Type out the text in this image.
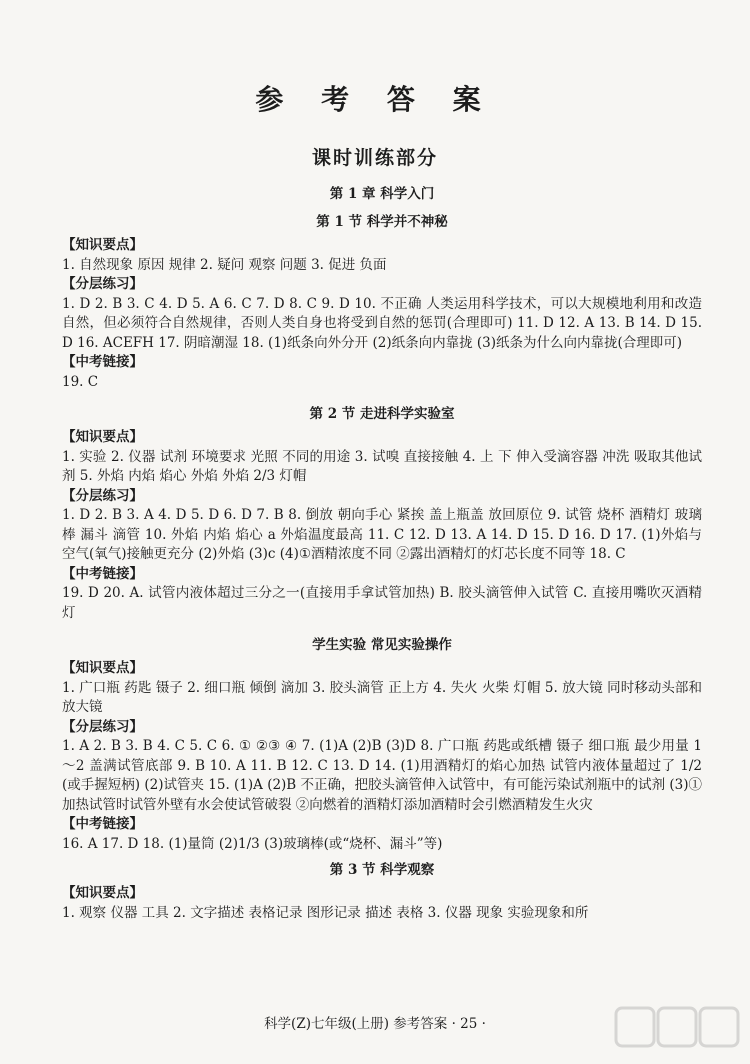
参 考 答 案
课时训练部分
第 1 章 科学入门
第 1 节 科学并不神秘
【知识要点】
1. 自然现象 原因 规律 2. 疑问 观察 问题 3. 促进 负面
【分层练习】
1. D 2. B 3. C 4. D 5. A 6. C 7. D 8. C 9. D 10. 不正确 人类运用科学技术，可以大规模地利用和改造自然，但必须符合自然规律，否则人类自身也将受到自然的惩罚(合理即可) 11. D 12. A 13. B 14. D 15. D 16. ACEFH 17. 阴暗潮湿 18. (1)纸条向外分开 (2)纸条向内靠拢 (3)纸条为什么向内靠拢(合理即可)
【中考链接】
19. C
第 2 节 走进科学实验室
【知识要点】
1. 实验 2. 仪器 试剂 环境要求 光照 不同的用途 3. 试嗅 直接接触 4. 上 下 伸入受滴容器 冲洗 吸取其他试剂 5. 外焰 内焰 焰心 外焰 外焰 2/3 灯帽
【分层练习】
1. D 2. B 3. A 4. D 5. D 6. D 7. B 8. 倒放 朝向手心 紧挨 盖上瓶盖 放回原位 9. 试管 烧杯 酒精灯 玻璃棒 漏斗 滴管 10. 外焰 内焰 焰心 a 外焰温度最高 11. C 12. D 13. A 14. D 15. D 16. D 17. (1)外焰与空气(氧气)接触更充分 (2)外焰 (3)c (4)①酒精浓度不同 ②露出酒精灯的灯芯长度不同等 18. C
【中考链接】
19. D 20. A. 试管内液体超过三分之一(直接用手拿试管加热) B. 胶头滴管伸入试管 C. 直接用嘴吹灭酒精灯
学生实验 常见实验操作
【知识要点】
1. 广口瓶 药匙 镊子 2. 细口瓶 倾倒 滴加 3. 胶头滴管 正上方 4. 失火 火柴 灯帽 5. 放大镜 同时移动头部和放大镜
【分层练习】
1. A 2. B 3. B 4. C 5. C 6. ① ②③ ④ 7. (1)A (2)B (3)D 8. 广口瓶 药匙或纸槽 镊子 细口瓶 最少用量 1～2 盖满试管底部 9. B 10. A 11. B 12. C 13. D 14. (1)用酒精灯的焰心加热 试管内液体量超过了 1/2(或手握短柄) (2)试管夹 15. (1)A (2)B 不正确，把胶头滴管伸入试管中，有可能污染试剂瓶中的试剂 (3)①加热试管时试管外壁有水会使试管破裂 ②向燃着的酒精灯添加酒精时会引燃酒精发生火灾
【中考链接】
16. A 17. D 18. (1)量筒 (2)1/3 (3)玻璃棒(或“烧杯、漏斗”等)
第 3 节 科学观察
【知识要点】
1. 观察 仪器 工具 2. 文字描述 表格记录 图形记录 描述 表格 3. 仪器 现象 实验现象和所
科学(Z)七年级(上册) 参考答案 · 25 ·
